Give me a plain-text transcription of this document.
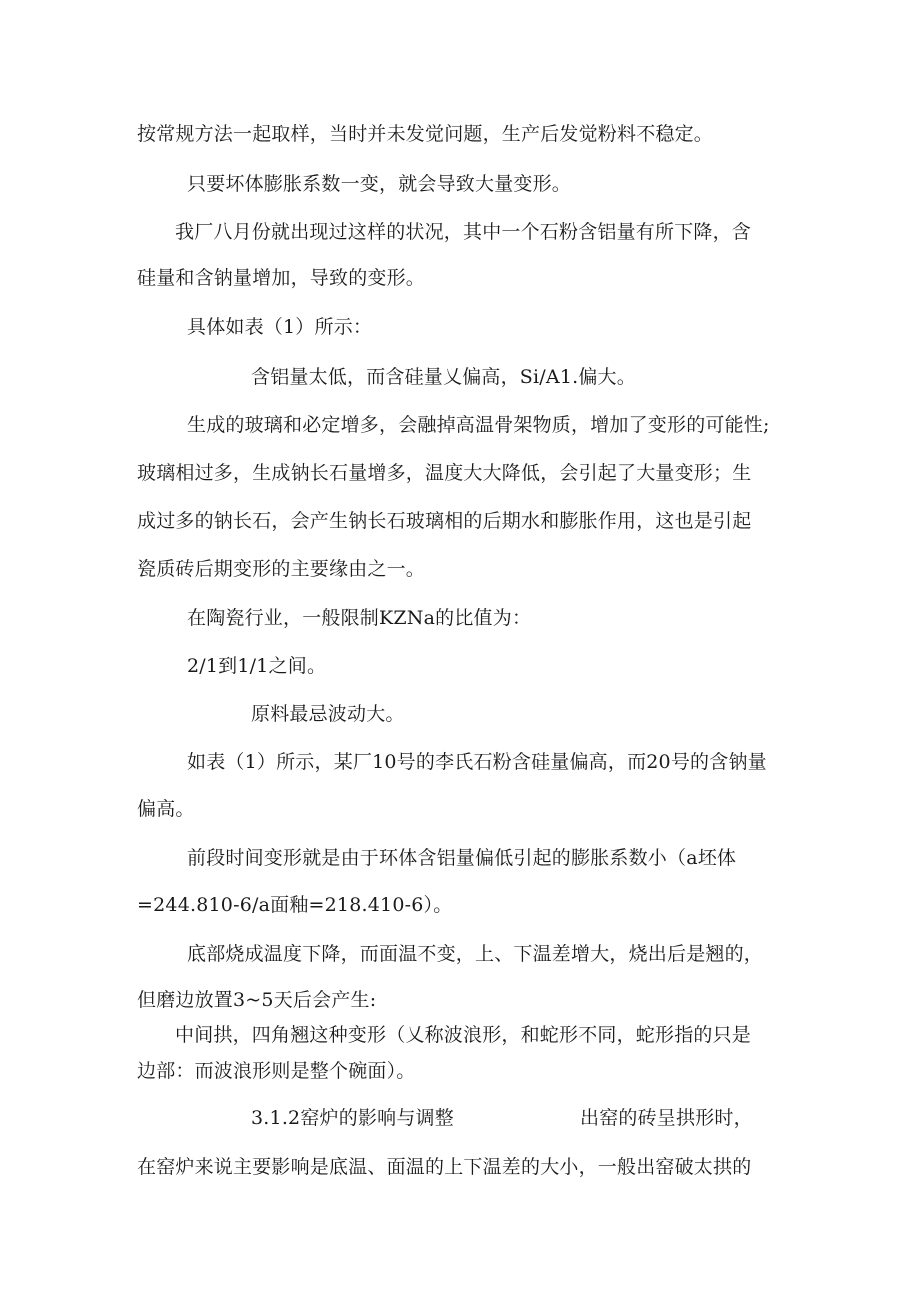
按常规方法一起取样，当时并未发觉问题，生产后发觉粉料不稳定。
只要坏体膨胀系数一变，就会导致大量变形。
我厂八月份就出现过这样的状况，其中一个石粉含铝量有所下降，含
硅量和含钠量增加，导致的变形。
具体如表（1）所示：
含铝量太低，而含硅量乂偏高，Si/A1.偏大。
生成的玻璃和必定增多，会融掉高温骨架物质，增加了变形的可能性;
玻璃相过多，生成钠长石量增多，温度大大降低，会引起了大量变形；生
成过多的钠长石，会产生钠长石玻璃相的后期水和膨胀作用，这也是引起
瓷质砖后期变形的主要缘由之一。
在陶瓷行业，一般限制KZNa的比值为：
2/1到1/1之间。
原料最忌波动大。
如表（1）所示，某厂10号的李氏石粉含硅量偏高，而20号的含钠量
偏高。
前段时间变形就是由于环体含铝量偏低引起的膨胀系数小（a坯体
=244.810-6/a面釉=218.410-6）。
底部烧成温度下降，而面温不变，上、下温差增大，烧出后是翘的，
但磨边放置3~5天后会产生:
中间拱，四角翘这种变形（乂称波浪形，和蛇形不同，蛇形指的只是
边部：而波浪形则是整个碗面）。
3.1.2窑炉的影响与调整	出窑的砖呈拱形时，
在窑炉来说主要影响是底温、面温的上下温差的大小，一般出窑破太拱的
